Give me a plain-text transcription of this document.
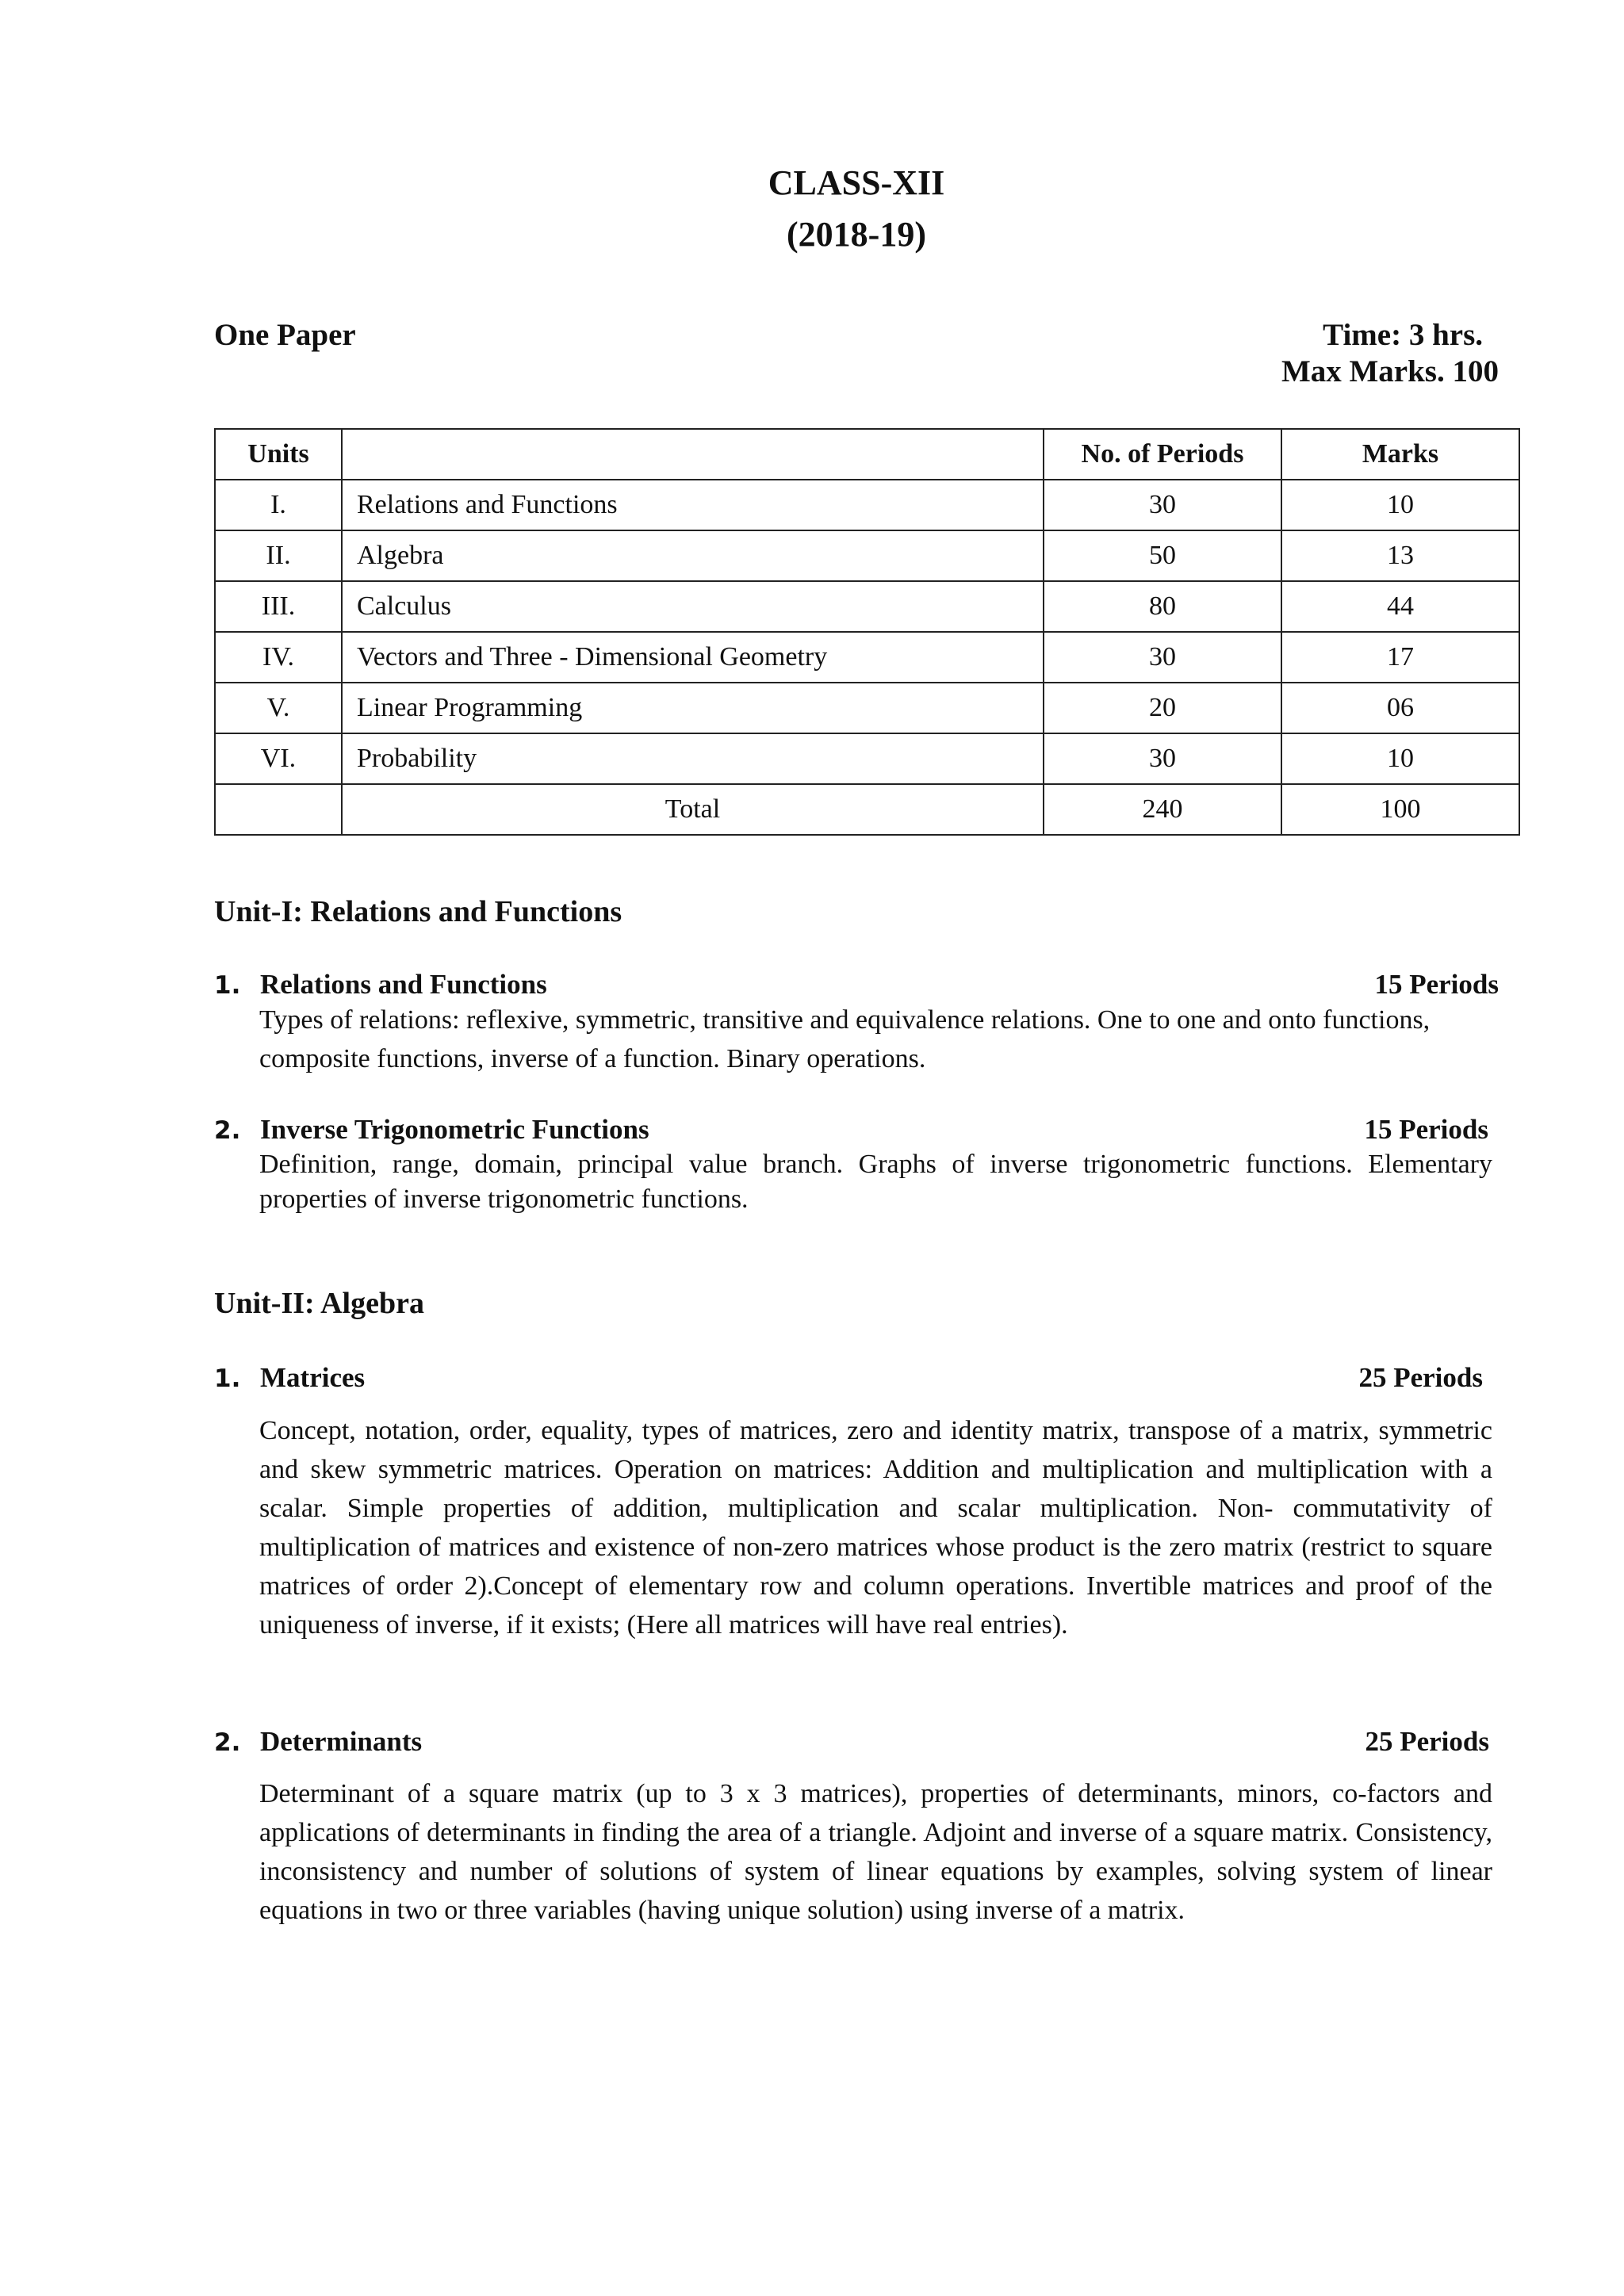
CLASS-XII
(2018-19)
One Paper	Time: 3 hrs.
Max Marks. 100
Units		No. of Periods	Marks
I.	Relations and Functions	30	10
II.	Algebra	50	13
III.	Calculus	80	44
IV.	Vectors and Three - Dimensional Geometry	30	17
V.	Linear Programming	20	06
VI.	Probability	30	10
	Total	240	100
Unit-I: Relations and Functions
1. Relations and Functions	15 Periods
Types of relations: reflexive, symmetric, transitive and equivalence relations. One to one and onto functions, composite functions, inverse of a function. Binary operations.
2. Inverse Trigonometric Functions	15 Periods
Definition, range, domain, principal value branch. Graphs of inverse trigonometric functions. Elementary properties of inverse trigonometric functions.
Unit-II: Algebra
1. Matrices	25 Periods
Concept, notation, order, equality, types of matrices, zero and identity matrix, transpose of a matrix, symmetric and skew symmetric matrices. Operation on matrices: Addition and multiplication and multiplication with a scalar. Simple properties of addition, multiplication and scalar multiplication. Non- commutativity of multiplication of matrices and existence of non-zero matrices whose product is the zero matrix (restrict to square matrices of order 2).Concept of elementary row and column operations. Invertible matrices and proof of the uniqueness of inverse, if it exists; (Here all matrices will have real entries).
2. Determinants	25 Periods
Determinant of a square matrix (up to 3 x 3 matrices), properties of determinants, minors, co-factors and applications of determinants in finding the area of a triangle. Adjoint and inverse of a square matrix. Consistency, inconsistency and number of solutions of system of linear equations by examples, solving system of linear equations in two or three variables (having unique solution) using inverse of a matrix.
